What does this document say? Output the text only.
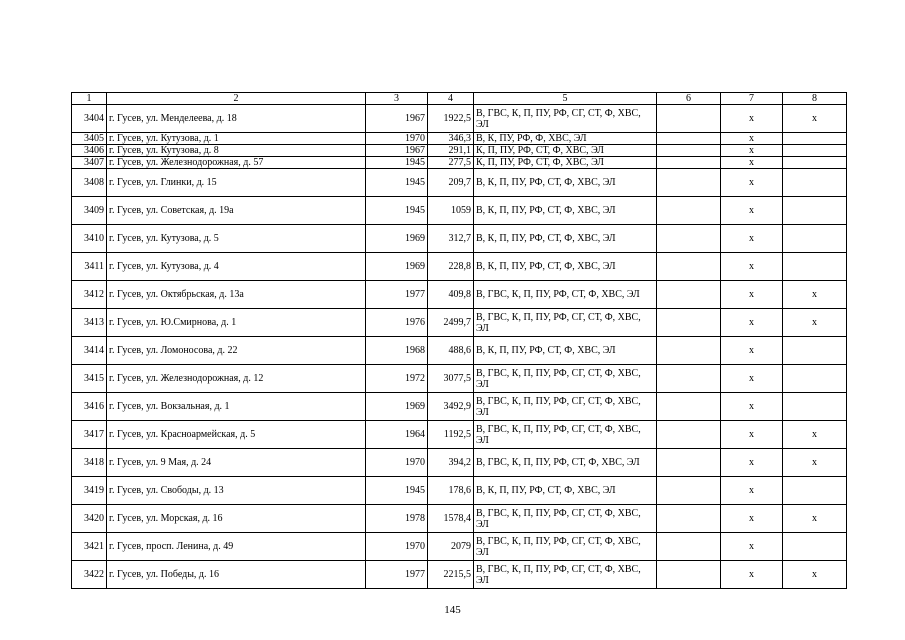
1	2	3	4	5	6	7	8
3404	г. Гусев, ул. Менделеева, д. 18	1967	1922,5	В, ГВС, К, П, ПУ, РФ, СГ, СТ, Ф, ХВС, ЭЛ		х	х
3405	г. Гусев, ул. Кутузова, д. 1	1970	346,3	В, К, ПУ, РФ, Ф, ХВС, ЭЛ		х	
3406	г. Гусев, ул. Кутузова, д. 8	1967	291,1	К, П, ПУ, РФ, СТ, Ф, ХВС, ЭЛ		х	
3407	г. Гусев, ул. Железнодорожная, д. 57	1945	277,5	К, П, ПУ, РФ, СТ, Ф, ХВС, ЭЛ		х	
3408	г. Гусев, ул. Глинки, д. 15	1945	209,7	В, К, П, ПУ, РФ, СТ, Ф, ХВС, ЭЛ		х	
3409	г. Гусев, ул. Советская, д. 19а	1945	1059	В, К, П, ПУ, РФ, СТ, Ф, ХВС, ЭЛ		х	
3410	г. Гусев, ул. Кутузова, д. 5	1969	312,7	В, К, П, ПУ, РФ, СТ, Ф, ХВС, ЭЛ		х	
3411	г. Гусев, ул. Кутузова, д. 4	1969	228,8	В, К, П, ПУ, РФ, СТ, Ф, ХВС, ЭЛ		х	
3412	г. Гусев, ул. Октябрьская, д. 13а	1977	409,8	В, ГВС, К, П, ПУ, РФ, СТ, Ф, ХВС, ЭЛ		х	х
3413	г. Гусев, ул. Ю.Смирнова, д. 1	1976	2499,7	В, ГВС, К, П, ПУ, РФ, СГ, СТ, Ф, ХВС, ЭЛ		х	х
3414	г. Гусев, ул. Ломоносова, д. 22	1968	488,6	В, К, П, ПУ, РФ, СТ, Ф, ХВС, ЭЛ		х	
3415	г. Гусев, ул. Железнодорожная, д. 12	1972	3077,5	В, ГВС, К, П, ПУ, РФ, СГ, СТ, Ф, ХВС, ЭЛ		х	
3416	г. Гусев, ул. Вокзальная, д. 1	1969	3492,9	В, ГВС, К, П, ПУ, РФ, СГ, СТ, Ф, ХВС, ЭЛ		х	
3417	г. Гусев, ул. Красноармейская, д. 5	1964	1192,5	В, ГВС, К, П, ПУ, РФ, СГ, СТ, Ф, ХВС, ЭЛ		х	х
3418	г. Гусев, ул. 9 Мая, д. 24	1970	394,2	В, ГВС, К, П, ПУ, РФ, СТ, Ф, ХВС, ЭЛ		х	х
3419	г. Гусев, ул. Свободы, д. 13	1945	178,6	В, К, П, ПУ, РФ, СТ, Ф, ХВС, ЭЛ		х	
3420	г. Гусев, ул. Морская, д. 16	1978	1578,4	В, ГВС, К, П, ПУ, РФ, СГ, СТ, Ф, ХВС, ЭЛ		х	х
3421	г. Гусев, просп. Ленина, д. 49	1970	2079	В, ГВС, К, П, ПУ, РФ, СГ, СТ, Ф, ХВС, ЭЛ		х	
3422	г. Гусев, ул. Победы, д. 16	1977	2215,5	В, ГВС, К, П, ПУ, РФ, СГ, СТ, Ф, ХВС, ЭЛ		х	х
145
